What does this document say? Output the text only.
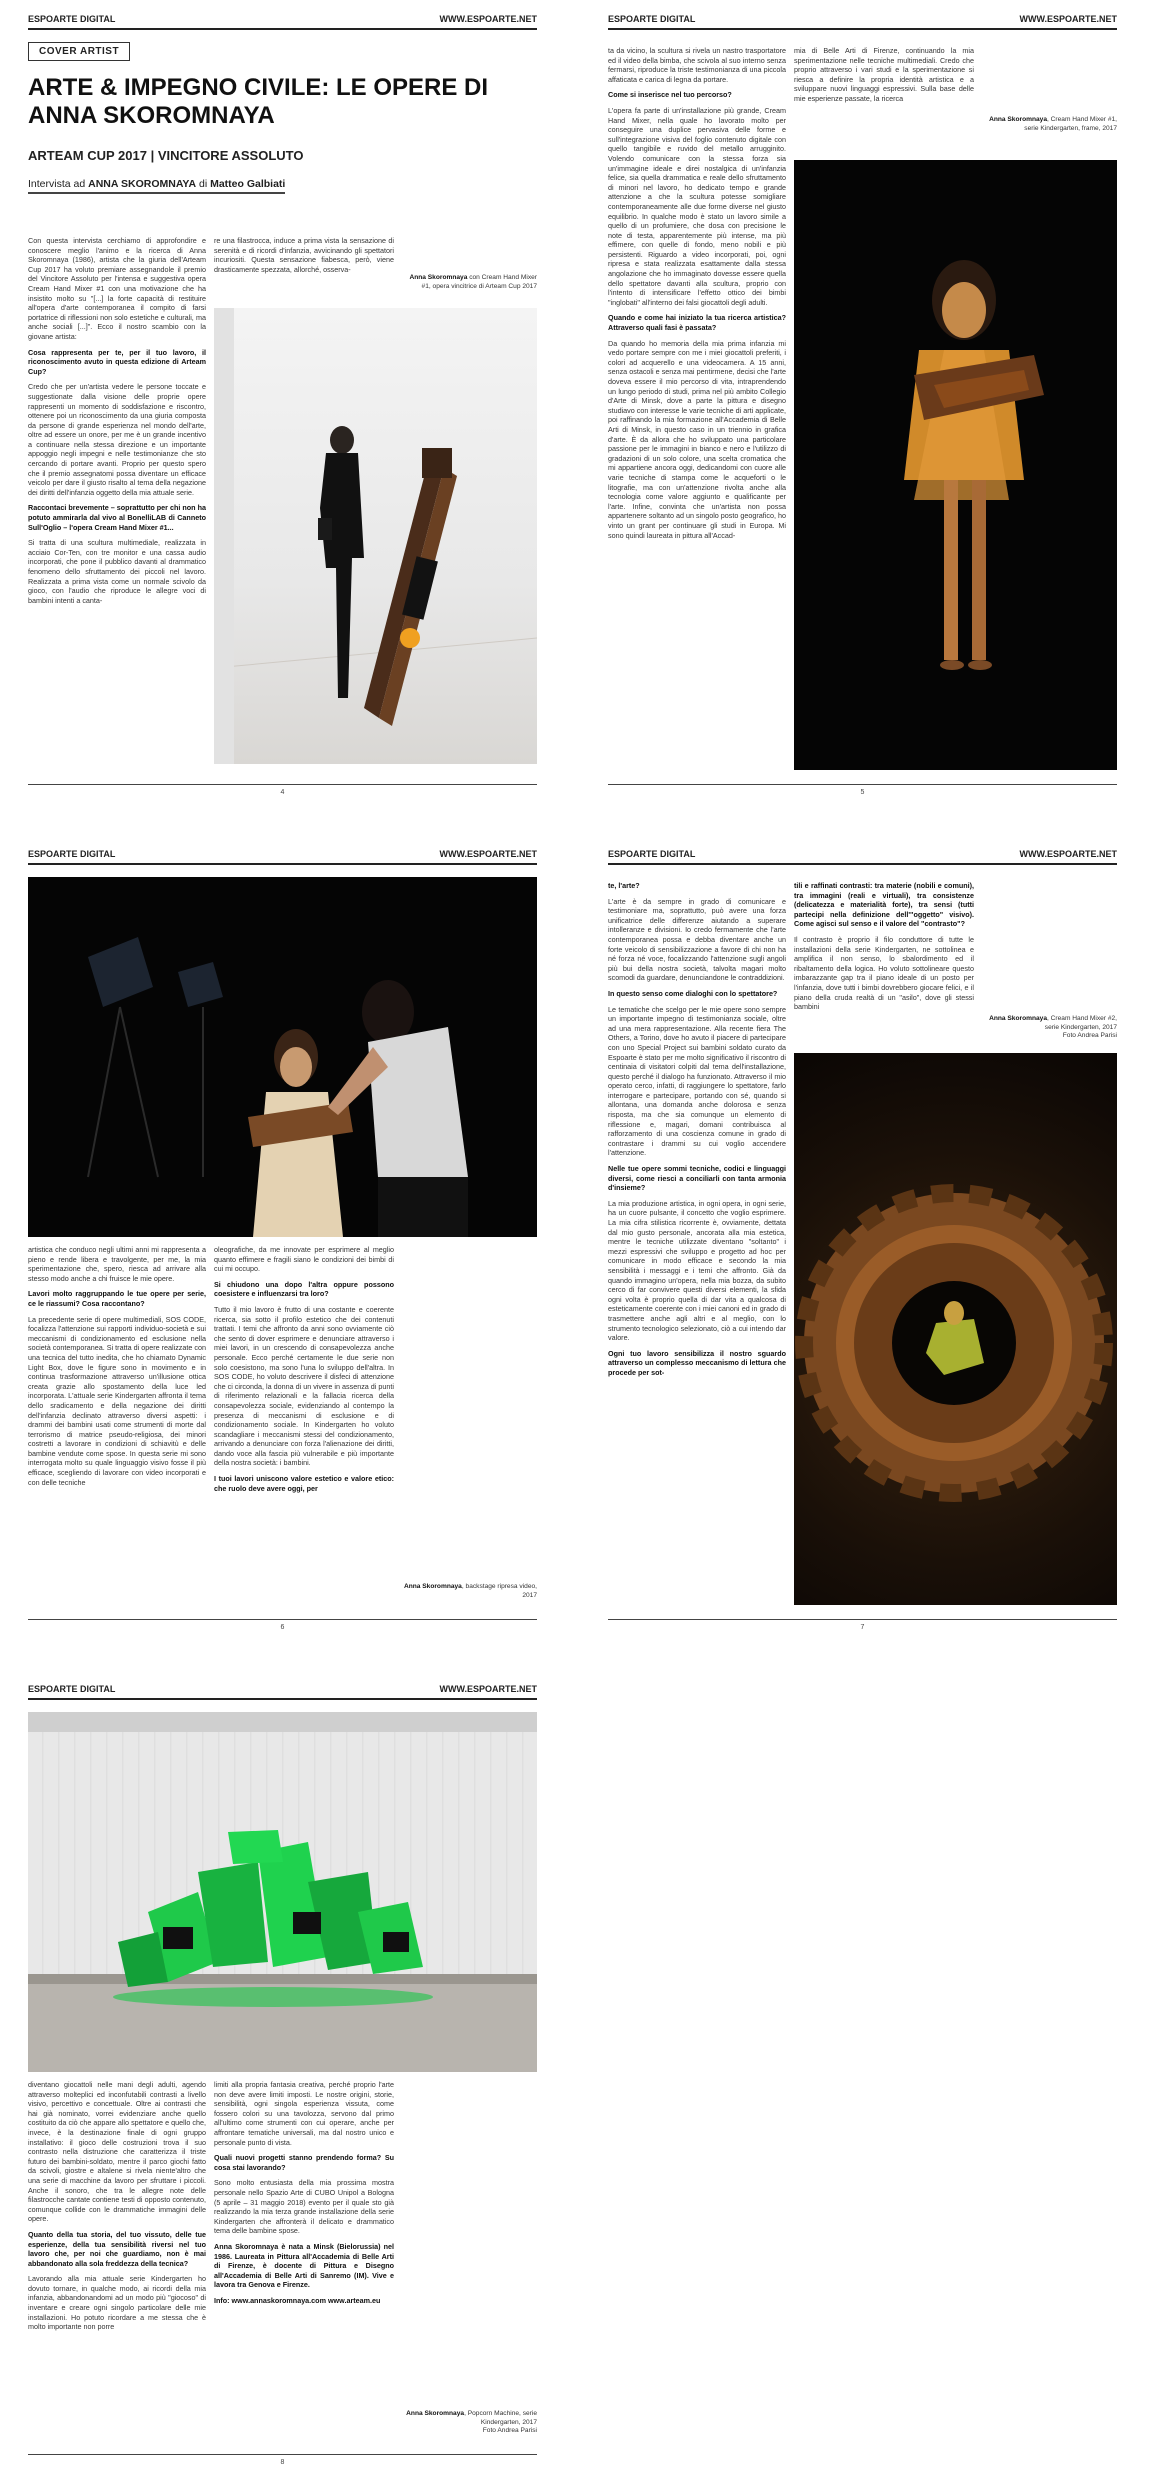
ESPOARTE DIGITAL	WWW.ESPOARTE.NET
COVER ARTIST
ARTE & IMPEGNO CIVILE: LE OPERE DI ANNA SKOROMNAYA
ARTEAM CUP 2017 | VINCITORE ASSOLUTO
Intervista ad ANNA SKOROMNAYA di Matteo Galbiati

Con questa intervista cerchiamo di approfondire e conoscere meglio l'animo e la ricerca di Anna Skoromnaya (1986), artista che la giuria dell'Arteam Cup 2017 ha voluto premiare assegnandole il premio del Vincitore Assoluto per l'intensa e suggestiva opera Cream Hand Mixer #1 con una motivazione che ha insistito molto su "[...] la forte capacità di restituire all'opera d'arte contemporanea il compito di farsi portatrice di riflessioni non solo estetiche e culturali, ma anche sociali [...]". Ecco il nostro scambio con la giovane artista:

Cosa rappresenta per te, per il tuo lavoro, il riconoscimento avuto in questa edizione di Arteam Cup?

Credo che per un'artista vedere le persone toccate e suggestionate dalla visione delle proprie opere rappresenti un momento di soddisfazione e riscontro, ottenere poi un riconoscimento da una giuria composta da persone di grande esperienza nel mondo dell'arte, oltre ad essere un onore, per me è un grande incentivo a continuare nella stessa direzione e un importante appoggio negli impegni e nelle testimonianze che sto cercando di portare avanti. Proprio per questo spero che il premio assegnatomi possa diventare un efficace veicolo per dare il giusto risalto al tema della negazione dei diritti dell'infanzia oggetto della mia attuale serie.

Raccontaci brevemente – soprattutto per chi non ha potuto ammirarla dal vivo al BonelliLAB di Canneto Sull'Oglio – l'opera Cream Hand Mixer #1...

Si tratta di una scultura multimediale, realizzata in acciaio Cor-Ten, con tre monitor e una cassa audio incorporati, che pone il pubblico davanti al drammatico fenomeno dello sfruttamento dei piccoli nel lavoro. Realizzata a prima vista come un normale scivolo da gioco, con l'audio che riproduce le allegre voci di bambini intenti a canta-

re una filastrocca, induce a prima vista la sensazione di serenità e di ricordi d'infanzia, avvicinando gli spettatori incuriositi. Questa sensazione fiabesca, però, viene drasticamente spezzata, allorché, osserva-

Anna Skoromnaya con Cream Hand Mixer #1, opera vincitrice di Arteam Cup 2017
4
ESPOARTE DIGITAL	WWW.ESPOARTE.NET

ta da vicino, la scultura si rivela un nastro trasportatore ed il video della bimba, che scivola al suo interno senza fermarsi, riproduce la triste testimonianza di una piccola affaticata e carica di legna da portare.

Come si inserisce nel tuo percorso?

L'opera fa parte di un'installazione più grande, Cream Hand Mixer, nella quale ho lavorato molto per conseguire una duplice pervasiva delle forme e sull'integrazione visiva del foglio contenuto digitale con quello tangibile e ruvido del metallo arrugginito. Volendo comunicare con la stessa forza sia un'immagine ideale e direi nostalgica di un'infanzia felice, sia quella drammatica e reale dello sfruttamento di minori nel lavoro, ho dedicato tempo e grande attenzione a che la scultura potesse somigliare contemporaneamente alle due forme diverse nel giusto equilibrio. In qualche modo è stato un lavoro simile a quello di un profumiere, che dosa con precisione le note di testa, apparentemente più intense, ma più effimere, con quelle di fondo, meno nobili e più persistenti. Riguardo a video incorporati, poi, ogni ripresa e stata realizzata esattamente dalla stessa angolazione che ho immaginato dovesse essere quella dello spettatore davanti alla scultura, proprio con l'intento di intensificare l'effetto ottico dei bimbi "inglobati" all'interno dei falsi giocattoli degli adulti.

Quando e come hai iniziato la tua ricerca artistica? Attraverso quali fasi è passata?

Da quando ho memoria della mia prima infanzia mi vedo portare sempre con me i miei giocattoli preferiti, i colori ad acquerello e una videocamera. A 15 anni, senza ostacoli e senza mai pentirmene, decisi che l'arte doveva essere il mio percorso di vita, intraprendendo un lungo periodo di studi, prima nel più ambito Collegio d'Arte di Minsk, dove a parte la pittura e disegno studiavo con interesse le varie tecniche di arti applicate, poi raffinando la mia formazione all'Accademia di Belle Arti di Minsk, in questo caso in un triennio in grafica d'arte. È da allora che ho sviluppato una particolare passione per le immagini in bianco e nero e l'utilizzo di gradazioni di un solo colore, una scelta cromatica che mi appartiene ancora oggi, dedicandomi con cuore alle varie tecniche di stampa come le acqueforti o le litografie, ma con un'attenzione rivolta anche alla tecnologia come valore aggiunto e qualificante per l'arte. Infine, convinta che un'artista non possa appartenere soltanto ad un singolo posto geografico, ho vinto un grant per continuare gli studi in Europa. Mi sono quindi laureata in pittura all'Accad-

mia di Belle Arti di Firenze, continuando la mia sperimentazione nelle tecniche multimediali. Credo che proprio attraverso i vari studi e la sperimentazione si riesca a definire la propria identità artistica e a sviluppare nuovi linguaggi espressivi. Sulla base delle mie esperienze passate, la ricerca

Anna Skoromnaya, Cream Hand Mixer #1, serie Kindergarten, frame, 2017
5
ESPOARTE DIGITAL	WWW.ESPOARTE.NET

artistica che conduco negli ultimi anni mi rappresenta a pieno e rende libera e travolgente, per me, la mia sperimentazione che, spero, riesca ad arrivare alla stesso modo anche a chi fruisce le mie opere.

Lavori molto raggruppando le tue opere per serie, ce le riassumi? Cosa raccontano?

La precedente serie di opere multimediali, SOS CODE, focalizza l'attenzione sui rapporti individuo-società e sui meccanismi di condizionamento ed esclusione nella società contemporanea. Si tratta di opere realizzate con una tecnica del tutto inedita, che ho chiamato Dynamic Light Box, dove le figure sono in movimento e in continua trasformazione attraverso un'illusione ottica creata grazie allo spostamento della luce led incorporata. L'attuale serie Kindergarten affronta il tema dello sradicamento e della negazione dei diritti dell'infanzia declinato attraverso diversi aspetti: i drammi dei bambini usati come strumenti di morte dal terrorismo di matrice pseudo-religiosa, dei minori costretti a lavorare in condizioni di schiavitù e delle bambine vendute come spose. In questa serie mi sono interrogata molto su quale linguaggio visivo fosse il più efficace, scegliendo di lavorare con video incorporati e con delle tecniche

oleografiche, da me innovate per esprimere al meglio quanto effimere e fragili siano le condizioni dei bimbi di cui mi occupo.

Si chiudono una dopo l'altra oppure possono coesistere e influenzarsi tra loro?

Tutto il mio lavoro è frutto di una costante e coerente ricerca, sia sotto il profilo estetico che dei contenuti trattati. I temi che affronto da anni sono ovviamente ciò che sento di dover esprimere e denunciare attraverso i miei lavori, in un crescendo di consapevolezza anche personale. Ecco perché certamente le due serie non solo coesistono, ma sono l'una lo sviluppo dell'altra. In SOS CODE, ho voluto descrivere il disfeci di attenzione che ci circonda, la donna di un vivere in assenza di punti di riferimento relazionali e la fallacia ricerca della consapevolezza sociale, evidenziando al contempo la presenza di meccanismi di esclusione e di condizionamento sociale. In Kindergarten ho voluto scandagliare i meccanismi stessi del condizionamento, arrivando a denunciare con forza l'alienazione dei diritti, dando voce alla fascia più vulnerabile e più importante della nostra società: i bambini.

I tuoi lavori uniscono valore estetico e valore etico: che ruolo deve avere oggi, per

Anna Skoromnaya, backstage ripresa video, 2017
6
ESPOARTE DIGITAL	WWW.ESPOARTE.NET

te, l'arte?

L'arte è da sempre in grado di comunicare e testimoniare ma, soprattutto, può avere una forza unificatrice delle differenze aiutando a superare intolleranze e divisioni. Io credo fermamente che l'arte contemporanea possa e debba diventare anche un forte veicolo di sensibilizzazione a favore di chi non ha né forza né voce, focalizzando l'attenzione sugli angoli più bui della nostra società, talvolta magari molto scomodi da guardare, denunciandone le contraddizioni.

In questo senso come dialoghi con lo spettatore?

Le tematiche che scelgo per le mie opere sono sempre un importante impegno di testimonianza sociale, oltre ad una mera rappresentazione. Alla recente fiera The Others, a Torino, dove ho avuto il piacere di partecipare con uno Special Project sui bambini soldato curato da Espoarte è stato per me molto significativo il riscontro di centinaia di visitatori colpiti dal tema dell'installazione, questo perché il dialogo ha funzionato. Attraverso il mio operato cerco, infatti, di raggiungere lo spettatore, farlo interrogare e partecipare, portando con sé, quando si allontana, una domanda anche dolorosa e senza risposta, ma che sia comunque un elemento di riflessione e, magari, domani contribuisca al rafforzamento di una coscienza comune in grado di contrastare i drammi su cui voglio accendere l'attenzione.

Nelle tue opere sommi tecniche, codici e linguaggi diversi, come riesci a conciliarli con tanta armonia d'insieme?

La mia produzione artistica, in ogni opera, in ogni serie, ha un cuore pulsante, il concetto che voglio esprimere. La mia cifra stilistica ricorrente è, ovviamente, dettata dal mio gusto personale, ancorata alla mia estetica, mentre le tecniche utilizzate diventano "soltanto" i mezzi espressivi che sviluppo e progetto ad hoc per comunicare in modo efficace e secondo la mia sensibilità i messaggi e i temi che affronto. Già da quando immagino un'opera, nella mia bozza, da subito cerco di far convivere questi diversi elementi, la sfida ogni volta è proprio quella di dar vita a qualcosa di esteticamente coerente con i miei canoni ed in grado di trasmettere anche agli altri e al meglio, con lo strumento tecnologico selezionato, ciò a cui intendo dar valore.

Ogni tuo lavoro sensibilizza il nostro sguardo attraverso un complesso meccanismo di lettura che procede per sot-

tili e raffinati contrasti: tra materie (nobili e comuni), tra immagini (reali e virtuali), tra consistenze (delicatezza e materialità forte), tra sensi (tutti partecipi nella definizione dell'"oggetto" visivo). Come agisci sul senso e il valore del "contrasto"?

Il contrasto è proprio il filo conduttore di tutte le installazioni della serie Kindergarten, ne sottolinea e amplifica il non senso, lo sbalordimento ed il ribaltamento della logica. Ho voluto sottolineare questo imbarazzante gap tra il piano ideale di un posto per l'infanzia, dove tutti i bimbi dovrebbero giocare felici, e il piano della cruda realtà di un "asilo", dove gli stessi bambini

Anna Skoromnaya, Cream Hand Mixer #2, serie Kindergarten, 2017
Foto Andrea Parisi
7
ESPOARTE DIGITAL	WWW.ESPOARTE.NET

diventano giocattoli nelle mani degli adulti, agendo attraverso molteplici ed inconfutabili contrasti a livello visivo, percettivo e concettuale. Oltre ai contrasti che hai già nominato, vorrei evidenziare anche quello costituito da ciò che appare allo spettatore e quello che, invece, è la destinazione finale di ogni gruppo installativo: il gioco delle costruzioni trova il suo contrasto nella distruzione che caratterizza il triste futuro dei bambini-soldato, mentre il parco giochi fatto da scivoli, giostre e altalene si rivela niente'altro che una serie di macchine da lavoro per sfruttare i piccoli. Anche il sonoro, che tra le allegre note delle filastrocche cantate contiene testi di opposto contenuto, comunque collide con le drammatiche immagini delle opere.

Quanto della tua storia, del tuo vissuto, delle tue esperienze, della tua sensibilità riversi nel tuo lavoro che, per noi che guardiamo, non è mai abbandonato alla sola freddezza della tecnica?

Lavorando alla mia attuale serie Kindergarten ho dovuto tornare, in qualche modo, ai ricordi della mia infanzia, abbandonandomi ad un modo più "giocoso" di inventare e creare ogni singolo particolare delle mie installazioni. Ho potuto ricordare a me stessa che è molto importante non porre

limiti alla propria fantasia creativa, perché proprio l'arte non deve avere limiti imposti. Le nostre origini, storie, sensibilità, ogni singola esperienza vissuta, come fossero colori su una tavolozza, servono dal primo all'ultimo come strumenti con cui operare, anche per affrontare tematiche universali, ma dal nostro unico e personale punto di vista.

Quali nuovi progetti stanno prendendo forma? Su cosa stai lavorando?

Sono molto entusiasta della mia prossima mostra personale nello Spazio Arte di CUBO Unipol a Bologna (5 aprile – 31 maggio 2018) evento per il quale sto già realizzando la mia terza grande installazione della serie Kindergarten che affronterà il delicato e drammatico tema delle bambine spose.

Anna Skoromnaya è nata a Minsk (Bielorussia) nel 1986. Laureata in Pittura all'Accademia di Belle Arti di Firenze, è docente di Pittura e Disegno all'Accademia di Belle Arti di Sanremo (IM). Vive e lavora tra Genova e Firenze.

Info: www.annaskoromnaya.com www.arteam.eu

Anna Skoromnaya, Popcorn Machine, serie Kindergarten, 2017
Foto Andrea Parisi
8
